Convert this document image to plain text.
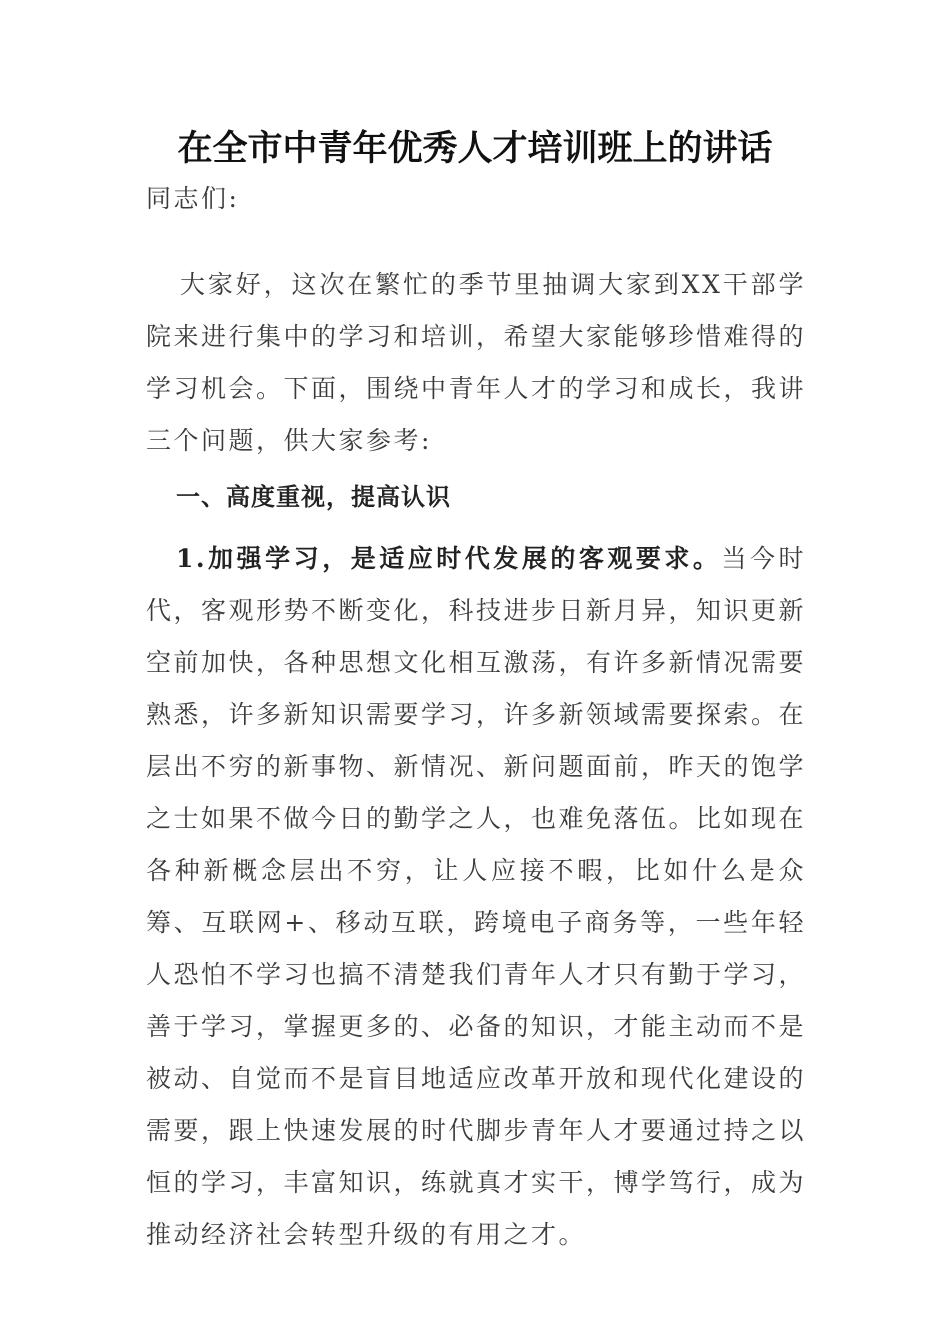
在全市中青年优秀人才培训班上的讲话

同志们:

大家好，这次在繁忙的季节里抽调大家到XX干部学院来进行集中的学习和培训，希望大家能够珍惜难得的学习机会。下面，围绕中青年人才的学习和成长，我讲三个问题，供大家参考:

一、高度重视，提高认识

1.加强学习，是适应时代发展的客观要求。当今时代，客观形势不断变化，科技进步日新月异，知识更新空前加快，各种思想文化相互激荡，有许多新情况需要熟悉，许多新知识需要学习，许多新领域需要探索。在层出不穷的新事物、新情况、新问题面前，昨天的饱学之士如果不做今日的勤学之人，也难免落伍。比如现在各种新概念层出不穷，让人应接不暇，比如什么是众筹、互联网+、移动互联，跨境电子商务等，一些年轻人恐怕不学习也搞不清楚我们青年人才只有勤于学习，善于学习，掌握更多的、必备的知识，才能主动而不是被动、自觉而不是盲目地适应改革开放和现代化建设的需要，跟上快速发展的时代脚步青年人才要通过持之以恒的学习，丰富知识，练就真才实干，博学笃行，成为推动经济社会转型升级的有用之才。
